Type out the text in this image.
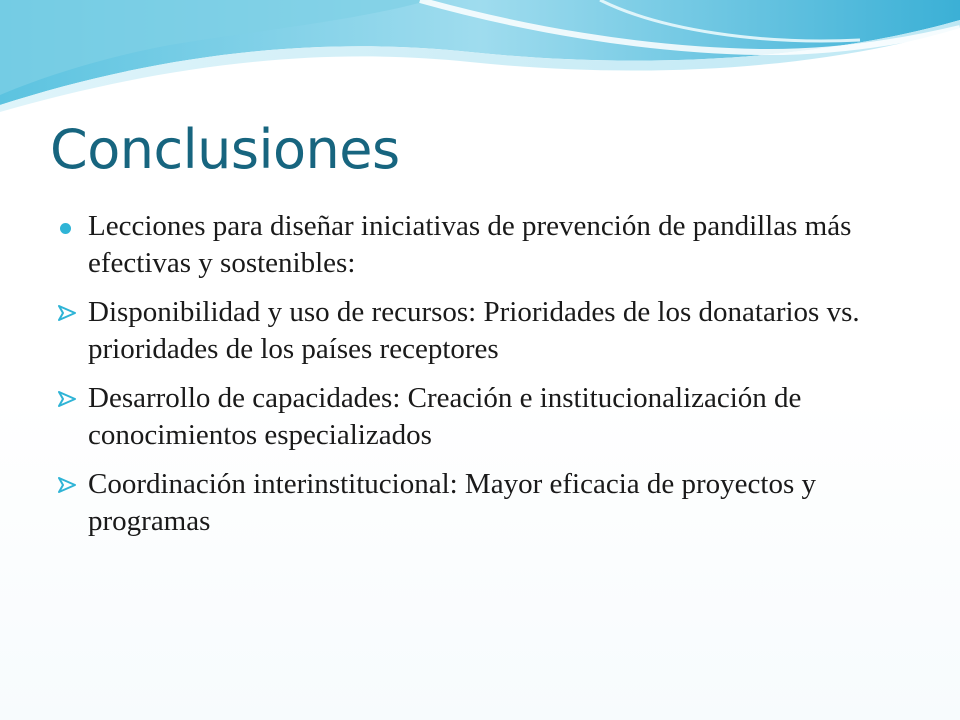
Conclusiones
Lecciones para diseñar iniciativas de prevención de pandillas más efectivas y sostenibles:
Disponibilidad y uso de recursos: Prioridades de los donatarios vs. prioridades de los países receptores
Desarrollo de capacidades: Creación e institucionalización de conocimientos especializados
Coordinación interinstitucional: Mayor eficacia de proyectos y programas
